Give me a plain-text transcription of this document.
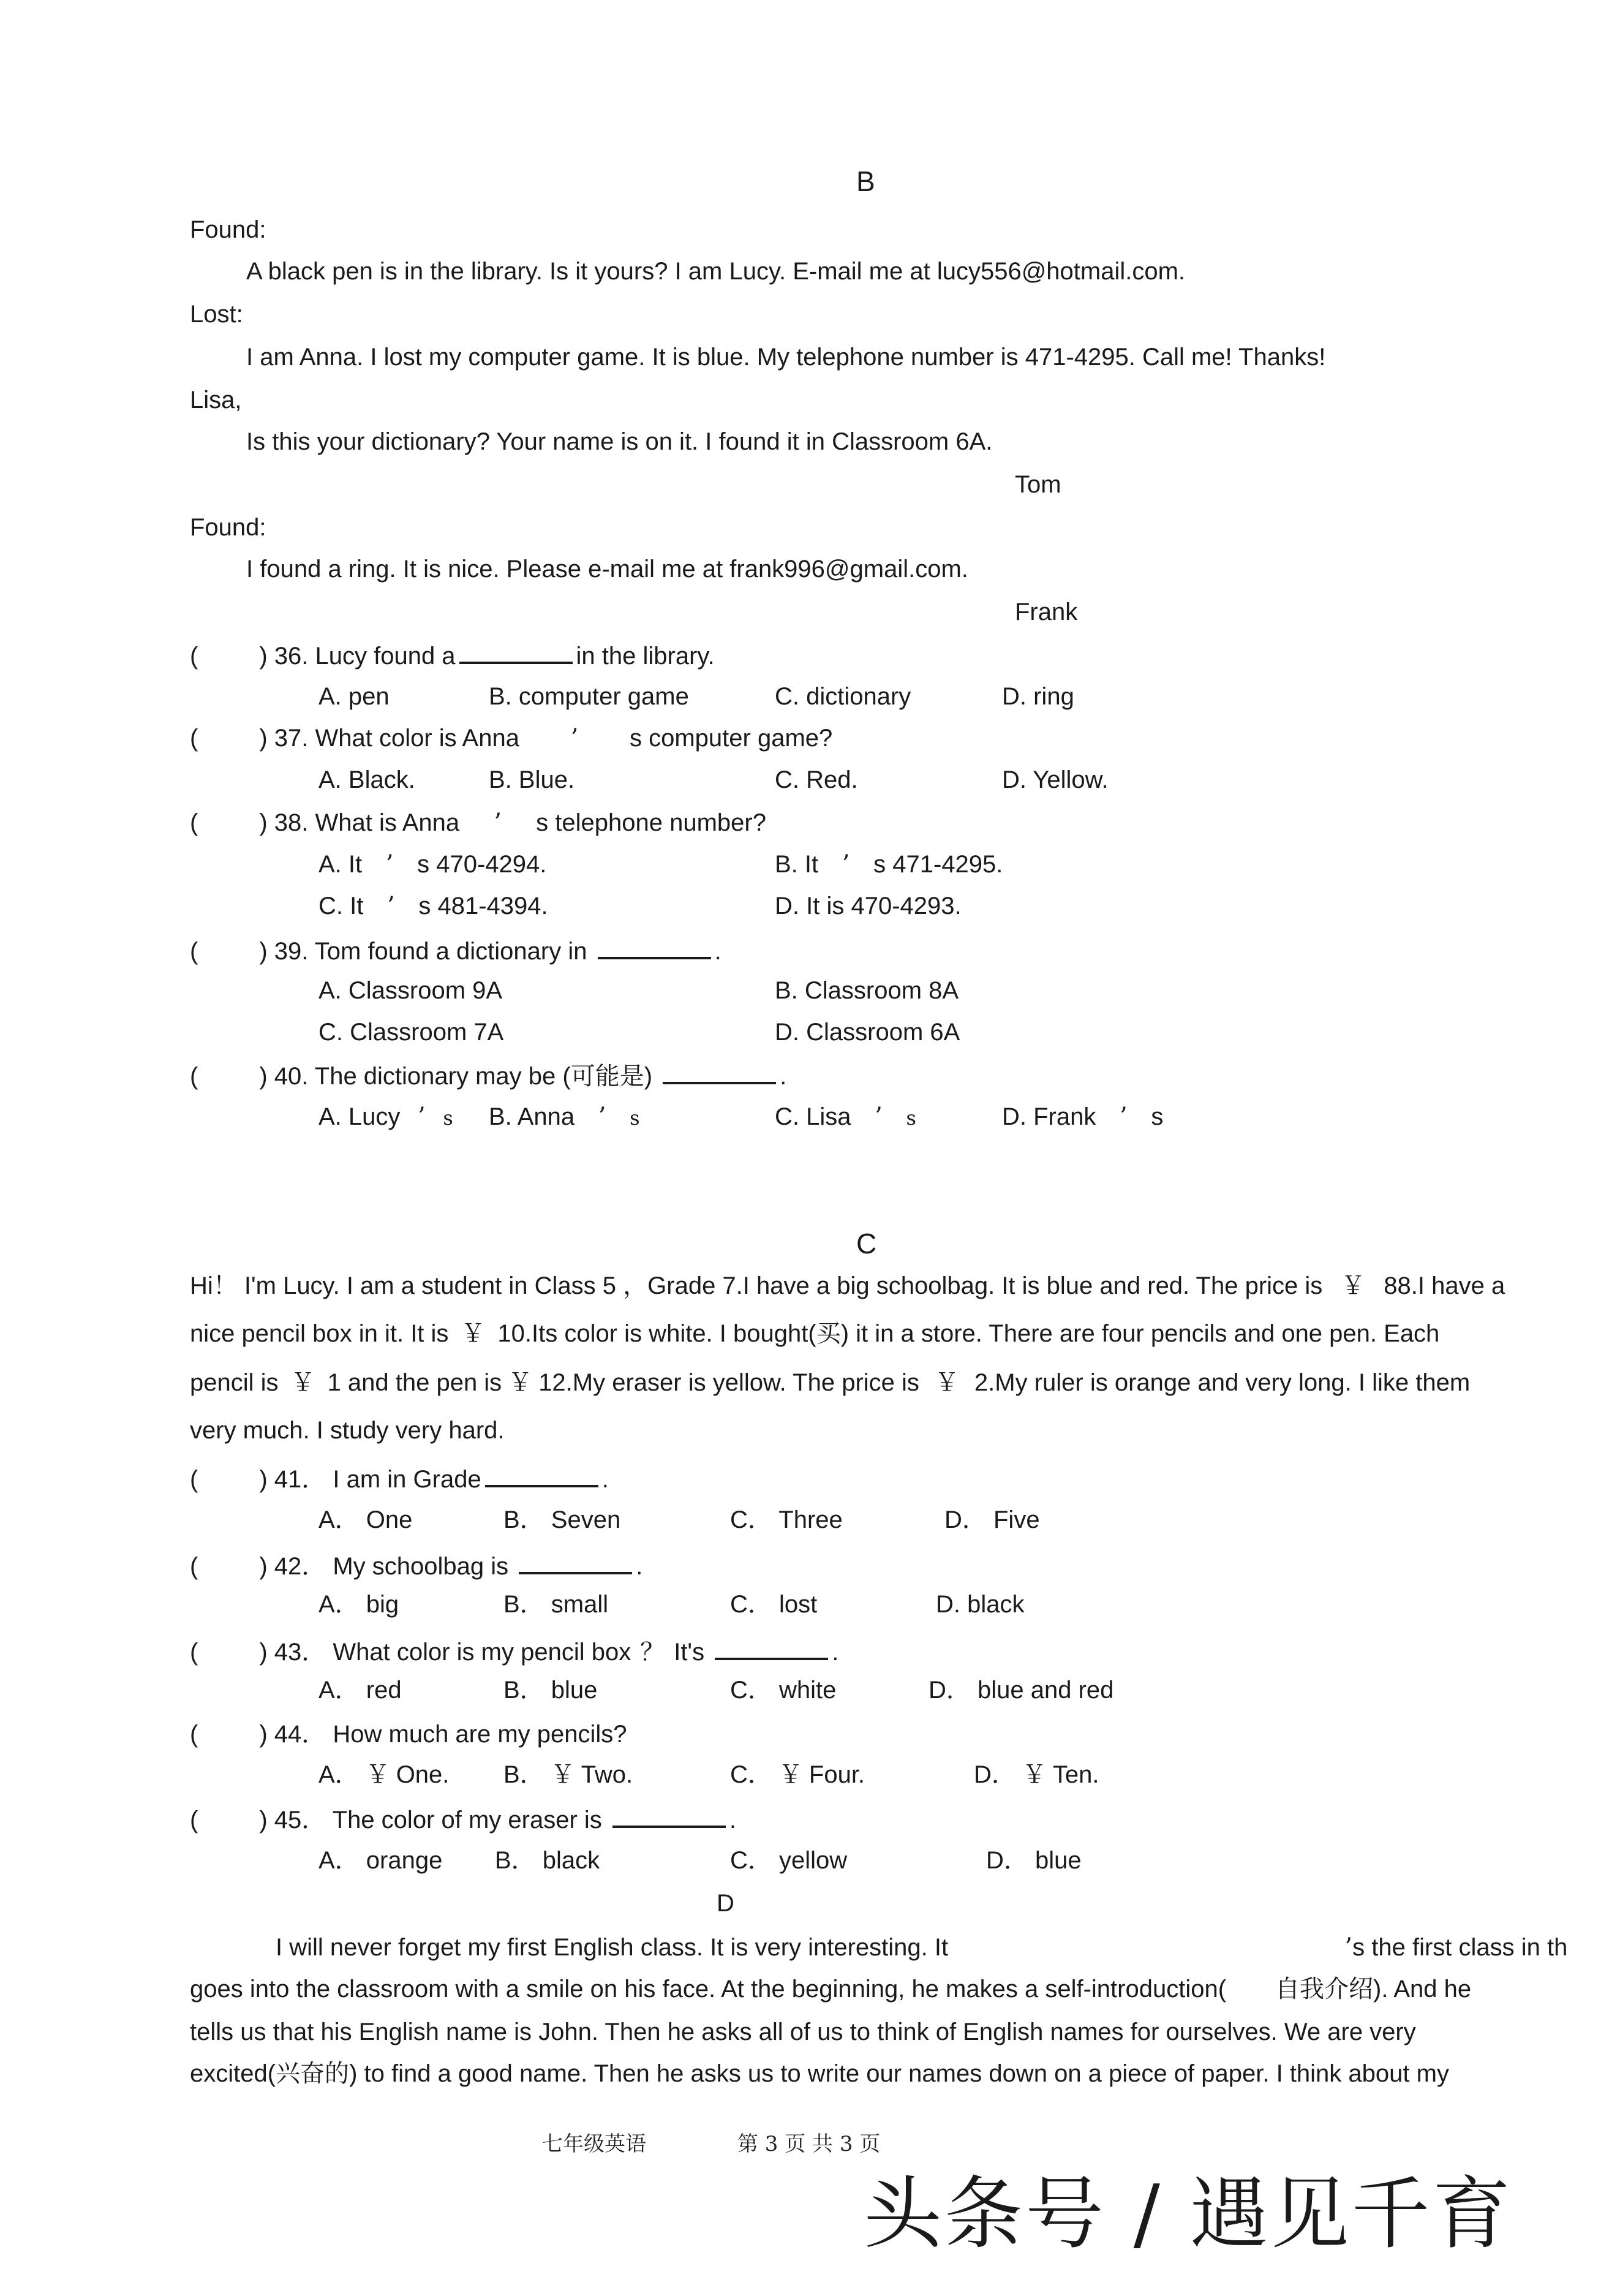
B
Found:
A black pen is in the library. Is it yours? I am Lucy. E-mail me at lucy556@hotmail.com.
Lost:
I am Anna. I lost my computer game. It is blue. My telephone number is 471-4295. Call me! Thanks!
Lisa,
Is this your dictionary? Your name is on it. I found it in Classroom 6A.
Tom
Found:
I found a ring. It is nice. Please e-mail me at frank996@gmail.com.
Frank
(	) 36. Lucy found a	in the library.
A. pen	B. computer game	C. dictionary	D. ring
(	) 37. What color is Anna ’ s computer game?
A. Black.	B. Blue.	C. Red.	D. Yellow.
(	) 38. What is Anna ’ s telephone number?
A. It ’ s 470-4294.	B. It ’ s 471-4295.
C. It ’ s 481-4394.	D. It is 470-4293.
(	) 39. Tom found a dictionary in	.
A. Classroom 9A	B. Classroom 8A
C. Classroom 7A	D. Classroom 6A
(	) 40. The dictionary may be (可能是)	.
A. Lucy ’ s B. Anna ’ s	C. Lisa ’ s	D. Frank ’ s
C
Hi！ I'm Lucy. I am a student in Class 5 ，Grade 7.I have a big schoolbag. It is blue and red. The price is ￥ 88.I have a
nice pencil box in it. It is ￥ 10.Its color is white. I bought(买) it in a store. There are four pencils and one pen. Each
pencil is ￥ 1 and the pen is ￥ 12.My eraser is yellow. The price is ￥ 2.My ruler is orange and very long. I like them
very much. I study very hard.
(	) 41． I am in Grade	.
A． One	B． Seven	C． Three	D． Five
(	) 42． My schoolbag is	.
A． big	B． small	C． lost	D. black
(	) 43． What color is my pencil box ？ It's	.
A． red	B． blue	C． white	D． blue and red
(	) 44． How much are my pencils?
A． ￥ One. B． ￥ Two.	C． ￥ Four.	D． ￥ Ten.
(	) 45． The color of my eraser is	.
A． orange B． black	C． yellow	D． blue
D
I will never forget my first English class. It is very interesting. It	’s the first class in th
goes into the classroom with a smile on his face. At the beginning, he makes a self-introduction( 自我介绍). And he
tells us that his English name is John. Then he asks all of us to think of English names for ourselves. We are very
excited(兴奋的) to find a good name. Then he asks us to write our names down on a piece of paper. I think about my
七年级英语	第 3 页 共 3 页
头条号 / 遇见千育
